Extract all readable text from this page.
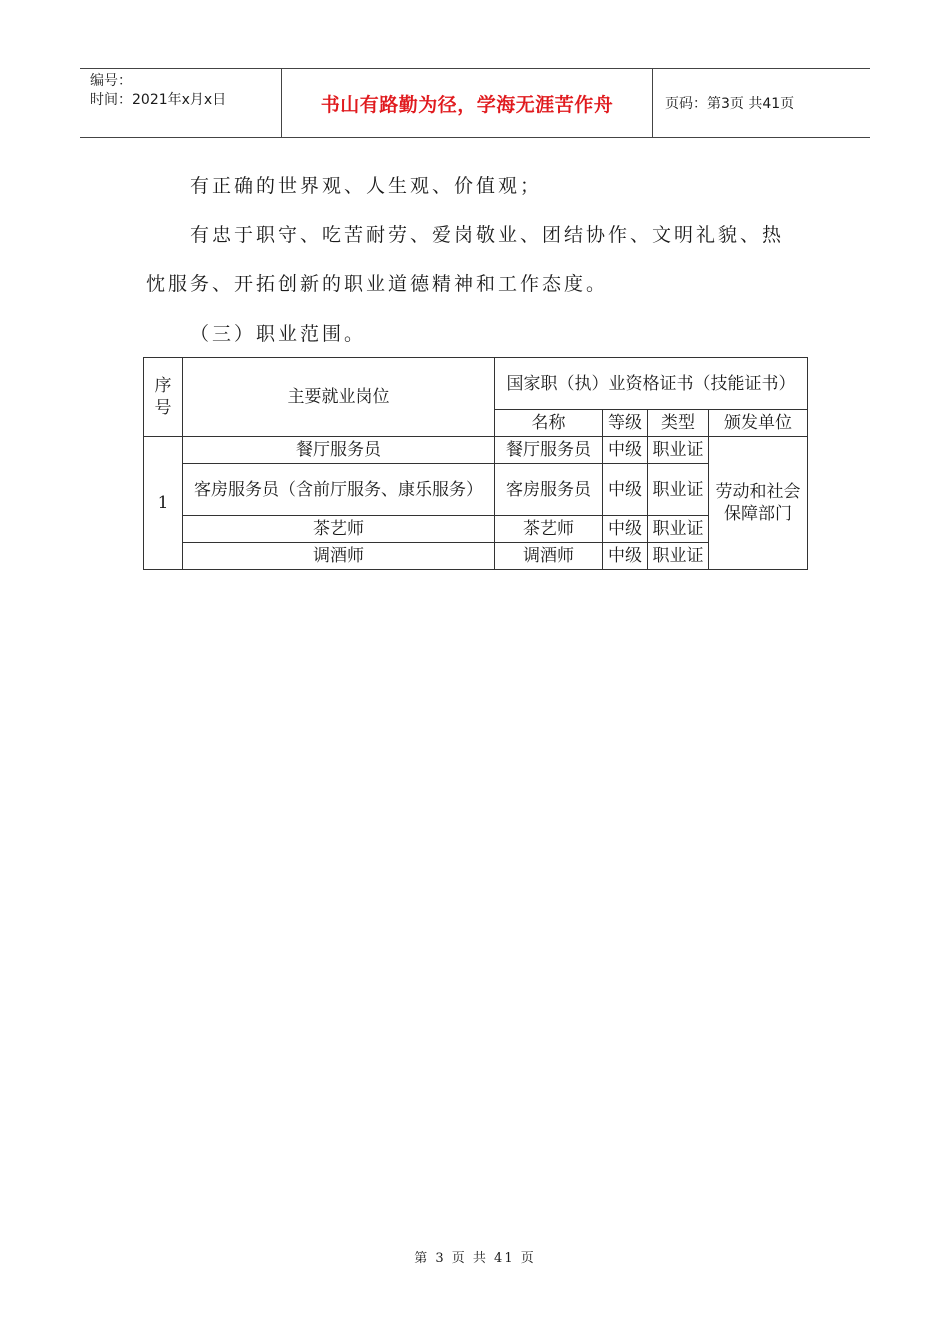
编号：
时间：2021年x月x日	书山有路勤为径，学海无涯苦作舟	页码：第3页 共41页
有正确的世界观、人生观、价值观；
有忠于职守、吃苦耐劳、爱岗敬业、团结协作、文明礼貌、热
忱服务、开拓创新的职业道德精神和工作态度。
（三）职业范围。
序号	主要就业岗位	国家职（执）业资格证书（技能证书）			
		名称	等级	类型	颁发单位
1	餐厅服务员	餐厅服务员	中级	职业证	劳动和社会保障部门
	客房服务员（含前厅服务、康乐服务）	客房服务员	中级	职业证	
	茶艺师	茶艺师	中级	职业证	
	调酒师	调酒师	中级	职业证	
第 3 页 共 41 页
